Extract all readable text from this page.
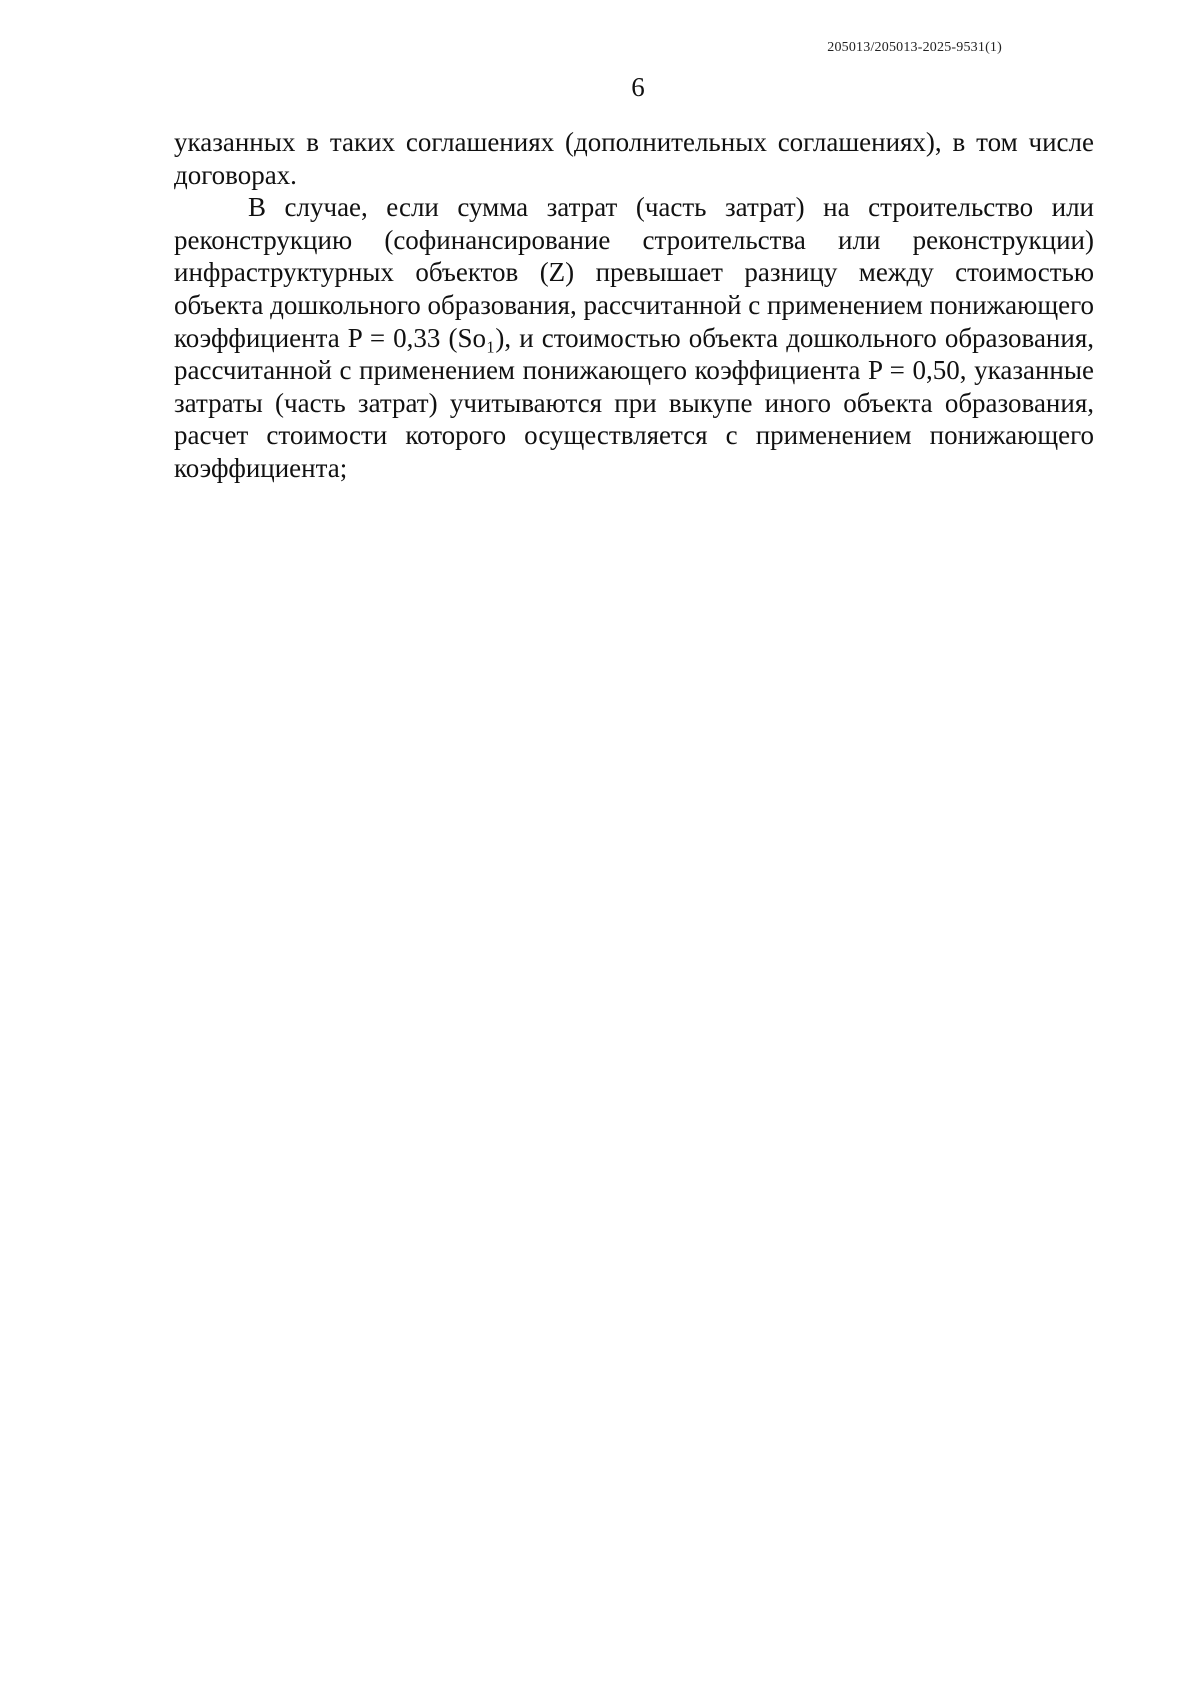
205013/205013-2025-9531(1)
6

указанных в таких соглашениях (дополнительных соглашениях), в том числе договорах.

В случае, если сумма затрат (часть затрат) на строительство или реконструкцию (софинансирование строительства или реконструкции) инфраструктурных объектов (Z) превышает разницу между стоимостью объекта дошкольного образования, рассчитанной с применением понижающего коэффициента P = 0,33 (So₁), и стоимостью объекта дошкольного образования, рассчитанной с применением понижающего коэффициента P = 0,50, указанные затраты (часть затрат) учитываются при выкупе иного объекта образования, расчет стоимости которого осуществляется с применением понижающего коэффициента;
